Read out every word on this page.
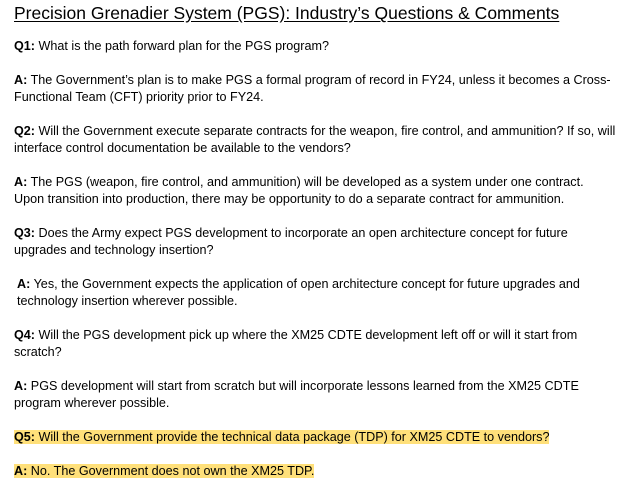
Precision Grenadier System (PGS): Industry’s Questions & Comments

Q1: What is the path forward plan for the PGS program?

A: The Government’s plan is to make PGS a formal program of record in FY24, unless it becomes a Cross-Functional Team (CFT) priority prior to FY24.

Q2: Will the Government execute separate contracts for the weapon, fire control, and ammunition? If so, will interface control documentation be available to the vendors?

A: The PGS (weapon, fire control, and ammunition) will be developed as a system under one contract. Upon transition into production, there may be opportunity to do a separate contract for ammunition.

Q3: Does the Army expect PGS development to incorporate an open architecture concept for future upgrades and technology insertion?

A: Yes, the Government expects the application of open architecture concept for future upgrades and technology insertion wherever possible.

Q4: Will the PGS development pick up where the XM25 CDTE development left off or will it start from scratch?

A: PGS development will start from scratch but will incorporate lessons learned from the XM25 CDTE program wherever possible.

Q5: Will the Government provide the technical data package (TDP) for XM25 CDTE to vendors?

A: No. The Government does not own the XM25 TDP.
